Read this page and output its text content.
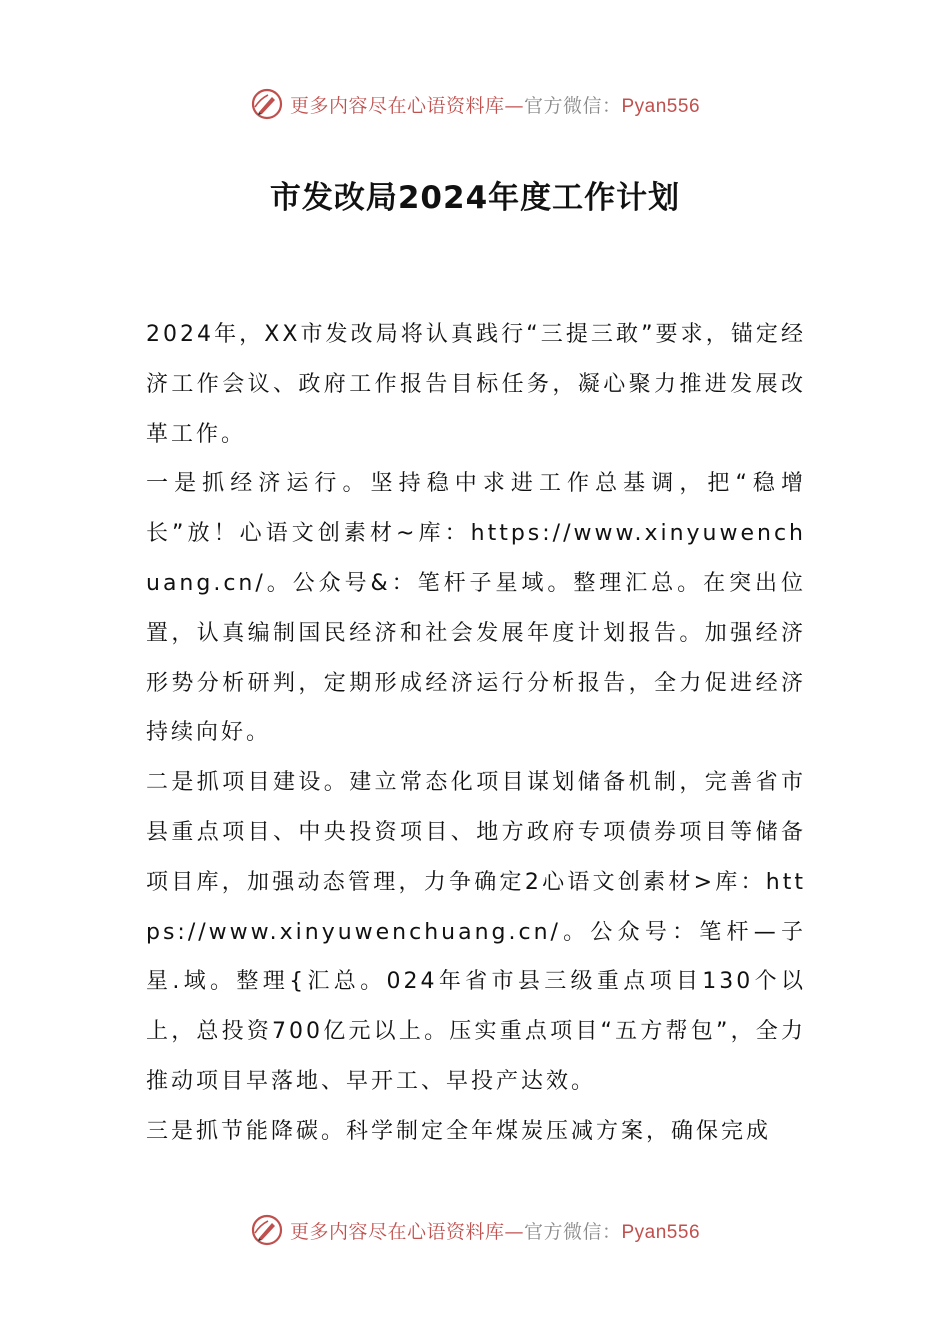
更多内容尽在心语资料库—官方微信：Pyan556
市发改局2024年度工作计划

2024年，XX市发改局将认真践行“三提三敢”要求，锚定经济工作会议、政府工作报告目标任务，凝心聚力推进发展改革工作。

一是抓经济运行。坚持稳中求进工作总基调，把“稳增长”放！心语文创素材~库：https://www.xinyuwenchuang.cn/。公众号&：笔杆子星域。整理汇总。在突出位置，认真编制国民经济和社会发展年度计划报告。加强经济形势分析研判，定期形成经济运行分析报告，全力促进经济持续向好。

二是抓项目建设。建立常态化项目谋划储备机制，完善省市县重点项目、中央投资项目、地方政府专项债券项目等储备项目库，加强动态管理，力争确定2心语文创素材>库：https://www.xinyuwenchuang.cn/。公众号：笔杆—子星.域。整理{汇总。024年省市县三级重点项目130个以上，总投资700亿元以上。压实重点项目“五方帮包”，全力推动项目早落地、早开工、早投产达效。

三是抓节能降碳。科学制定全年煤炭压减方案，确保完成

更多内容尽在心语资料库—官方微信：Pyan556
